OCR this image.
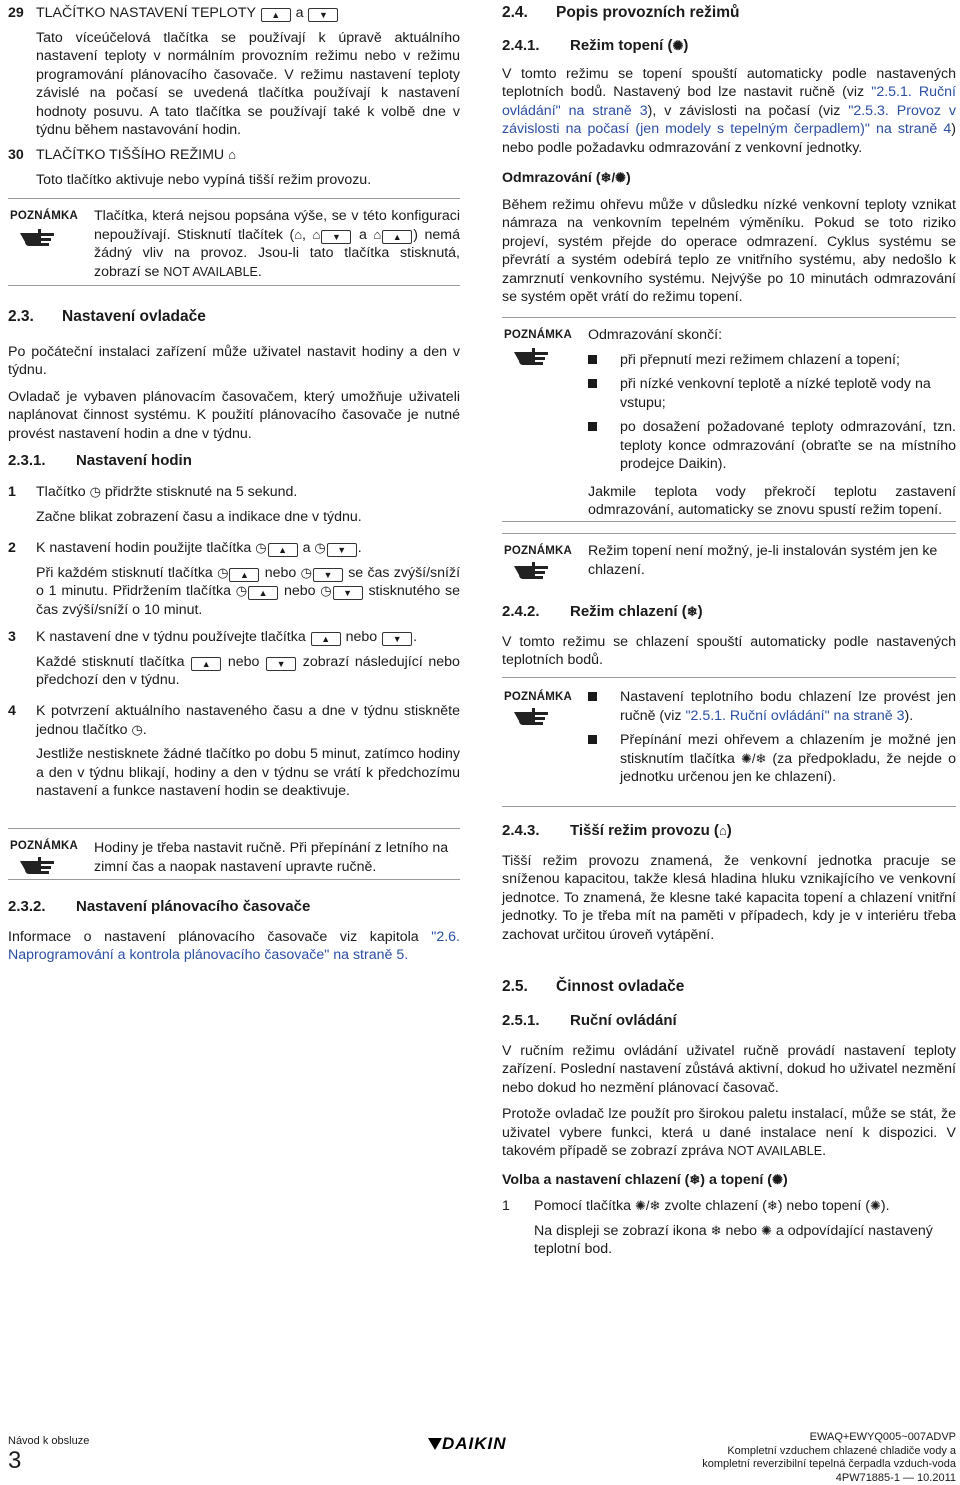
29 TLAČÍTKO NASTAVENÍ TEPLOTY ▲ a ▼

Tato víceúčelová tlačítka se používají k úpravě aktuálního nastavení teploty v normálním provozním režimu nebo v režimu programování plánovacího časovače. V režimu nastavení teploty závislé na počasí se uvedená tlačítka používají k nastavení hodnoty posuvu. A tato tlačítka se používají také k volbě dne v týdnu během nastavování hodin.

30 TLAČÍTKO TIŠŠÍHO REŽIMU ⌂

Toto tlačítko aktivuje nebo vypíná tišší režim provozu.

POZNÁMKA Tlačítka, která nejsou popsána výše, se v této konfiguraci nepoužívají. Stisknutí tlačítek (⌂, ⌂ ▼ a ⌂ ▲ ) nemá žádný vliv na provoz. Jsou-li tato tlačítka stisknutá, zobrazí se NOT AVAILABLE.

2.3. Nastavení ovladače

Po počáteční instalaci zařízení může uživatel nastavit hodiny a den v týdnu.

Ovladač je vybaven plánovacím časovačem, který umožňuje uživateli naplánovat činnost systému. K použití plánovacího časovače je nutné provést nastavení hodin a dne v týdnu.

2.3.1. Nastavení hodin

1 Tlačítko ◷ přidržte stisknuté na 5 sekund.

Začne blikat zobrazení času a indikace dne v týdnu.

2 K nastavení hodin použijte tlačítka ◷ ▲ a ◷ ▼ .

Při každém stisknutí tlačítka ◷ ▲ nebo ◷ ▼ se čas zvýší/sníží o 1 minutu. Přidržením tlačítka ◷ ▲ nebo ◷ ▼ stisknutého se čas zvýší/sníží o 10 minut.

3 K nastavení dne v týdnu používejte tlačítka ▲ nebo ▼ .

Každé stisknutí tlačítka ▲ nebo ▼ zobrazí následující nebo předchozí den v týdnu.

4 K potvrzení aktuálního nastaveného času a dne v týdnu stiskněte jednou tlačítko ◷.

Jestliže nestisknete žádné tlačítko po dobu 5 minut, zatímco hodiny a den v týdnu blikají, hodiny a den v týdnu se vrátí k předchozímu nastavení a funkce nastavení hodin se deaktivuje.

POZNÁMKA Hodiny je třeba nastavit ručně. Při přepínání z letního na zimní čas a naopak nastavení upravte ručně.

2.3.2. Nastavení plánovacího časovače

Informace o nastavení plánovacího časovače viz kapitola "2.6. Naprogramování a kontrola plánovacího časovače" na straně 5.

2.4. Popis provozních režimů

2.4.1. Režim topení (✺)

V tomto režimu se topení spouští automaticky podle nastavených teplotních bodů. Nastavený bod lze nastavit ručně (viz "2.5.1. Ruční ovládání" na straně 3), v závislosti na počasí (viz "2.5.3. Provoz v závislosti na počasí (jen modely s tepelným čerpadlem)" na straně 4) nebo podle požadavku odmrazování z venkovní jednotky.

Odmrazování (❄/✺)

Během režimu ohřevu může v důsledku nízké venkovní teploty vznikat námraza na venkovním tepelném výměníku. Pokud se toto riziko projeví, systém přejde do operace odmrazení. Cyklus systému se převrátí a systém odebírá teplo ze vnitřního systému, aby nedošlo k zamrznutí venkovního systému. Nejvýše po 10 minutách odmrazování se systém opět vrátí do režimu topení.

POZNÁMKA Odmrazování skončí:

při přepnutí mezi režimem chlazení a topení;

při nízké venkovní teplotě a nízké teplotě vody na vstupu;

po dosažení požadované teploty odmrazování, tzn. teploty konce odmrazování (obraťte se na místního prodejce Daikin).

Jakmile teplota vody překročí teplotu zastavení odmrazování, automaticky se znovu spustí režim topení.

POZNÁMKA Režim topení není možný, je-li instalován systém jen ke chlazení.

2.4.2. Režim chlazení (❄)

V tomto režimu se chlazení spouští automaticky podle nastavených teplotních bodů.

POZNÁMKA	Nastavení teplotního bodu chlazení lze provést jen ručně (viz "2.5.1. Ruční ovládání" na straně 3).

Přepínání mezi ohřevem a chlazením je možné jen stisknutím tlačítka ✺/❄ (za předpokladu, že nejde o jednotku určenou jen ke chlazení).

2.4.3. Tišší režim provozu (⌂)

Tišší režim provozu znamená, že venkovní jednotka pracuje se sníženou kapacitou, takže klesá hladina hluku vznikajícího ve venkovní jednotce. To znamená, že klesne také kapacita topení a chlazení vnitřní jednotky. To je třeba mít na paměti v případech, kdy je v interiéru třeba zachovat určitou úroveň vytápění.

2.5. Činnost ovladače

2.5.1. Ruční ovládání

V ručním režimu ovládání uživatel ručně provádí nastavení teploty zařízení. Poslední nastavení zůstává aktivní, dokud ho uživatel nezmění nebo dokud ho nezmění plánovací časovač.

Protože ovladač lze použít pro širokou paletu instalací, může se stát, že uživatel vybere funkci, která u dané instalace není k dispozici. V takovém případě se zobrazí zpráva NOT AVAILABLE.

Volba a nastavení chlazení (❄) a topení (✺)

1 Pomocí tlačítka ✺/❄ zvolte chlazení (❄) nebo topení (✺).

Na displeji se zobrazí ikona ❄ nebo ✺ a odpovídající nastavený teplotní bod.

Návod k obsluze
3
DAIKIN	EWAQ+EWYQ005~007ADVP
Kompletní vzduchem chlazené chladiče vody a
kompletní reverzibilní tepelná čerpadla vzduch-voda
4PW71885-1 — 10.2011
